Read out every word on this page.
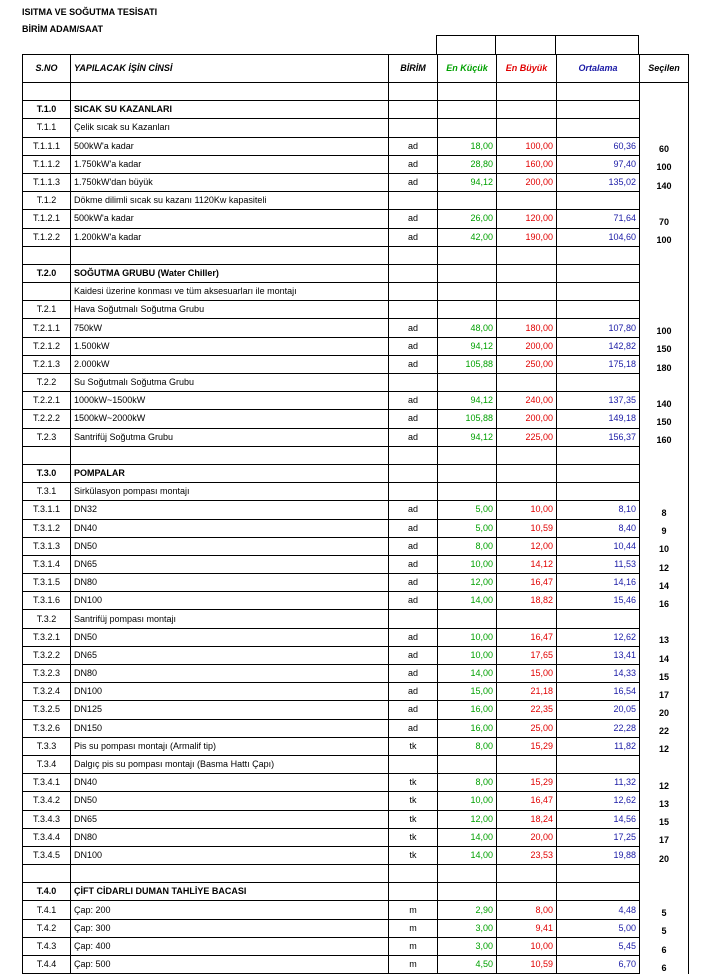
ISITMA VE SOĞUTMA TESİSATI
BİRİM ADAM/SAAT
S.NO	YAPILACAK İŞİN CİNSİ	BİRİM	En Küçük	En Büyük	Ortalama	Seçilen

T.1.0	SICAK SU KAZANLARI					
T.1.1	Çelik sıcak su Kazanları					
T.1.1.1	500kW'a kadar	ad	18,00	100,00	60,36	60
T.1.1.2	1.750kW'a kadar	ad	28,80	160,00	97,40	100
T.1.1.3	1.750kW'dan büyük	ad	94,12	200,00	135,02	140
T.1.2	Dökme dilimli sıcak su kazanı 1120Kw kapasiteli					
T.1.2.1	500kW'a kadar	ad	26,00	120,00	71,64	70
T.1.2.2	1.200kW'a kadar	ad	42,00	190,00	104,60	100

T.2.0	SOĞUTMA GRUBU (Water Chiller)					
	Kaidesi üzerine konması ve tüm aksesuarları ile montajı					
T.2.1	Hava Soğutmalı Soğutma Grubu					
T.2.1.1	750kW	ad	48,00	180,00	107,80	100
T.2.1.2	1.500kW	ad	94,12	200,00	142,82	150
T.2.1.3	2.000kW	ad	105,88	250,00	175,18	180
T.2.2	Su Soğutmalı Soğutma Grubu					
T.2.2.1	1000kW~1500kW	ad	94,12	240,00	137,35	140
T.2.2.2	1500kW~2000kW	ad	105,88	200,00	149,18	150
T.2.3	Santrifüj Soğutma Grubu	ad	94,12	225,00	156,37	160

T.3.0	POMPALAR					
T.3.1	Sirkülasyon pompası montajı					
T.3.1.1	DN32	ad	5,00	10,00	8,10	8
T.3.1.2	DN40	ad	5,00	10,59	8,40	9
T.3.1.3	DN50	ad	8,00	12,00	10,44	10
T.3.1.4	DN65	ad	10,00	14,12	11,53	12
T.3.1.5	DN80	ad	12,00	16,47	14,16	14
T.3.1.6	DN100	ad	14,00	18,82	15,46	16
T.3.2	Santrifüj pompası montajı					
T.3.2.1	DN50	ad	10,00	16,47	12,62	13
T.3.2.2	DN65	ad	10,00	17,65	13,41	14
T.3.2.3	DN80	ad	14,00	15,00	14,33	15
T.3.2.4	DN100	ad	15,00	21,18	16,54	17
T.3.2.5	DN125	ad	16,00	22,35	20,05	20
T.3.2.6	DN150	ad	16,00	25,00	22,28	22
T.3.3	Pis su pompası montajı (Armalif tip)	tk	8,00	15,29	11,82	12
T.3.4	Dalgıç pis su pompası montajı (Basma Hattı Çapı)					
T.3.4.1	DN40	tk	8,00	15,29	11,32	12
T.3.4.2	DN50	tk	10,00	16,47	12,62	13
T.3.4.3	DN65	tk	12,00	18,24	14,56	15
T.3.4.4	DN80	tk	14,00	20,00	17,25	17
T.3.4.5	DN100	tk	14,00	23,53	19,88	20

T.4.0	ÇİFT CİDARLI DUMAN TAHLİYE BACASI					
T.4.1	Çap: 200	m	2,90	8,00	4,48	5
T.4.2	Çap: 300	m	3,00	9,41	5,00	5
T.4.3	Çap: 400	m	3,00	10,00	5,45	6
T.4.4	Çap: 500	m	4,50	10,59	6,70	6
